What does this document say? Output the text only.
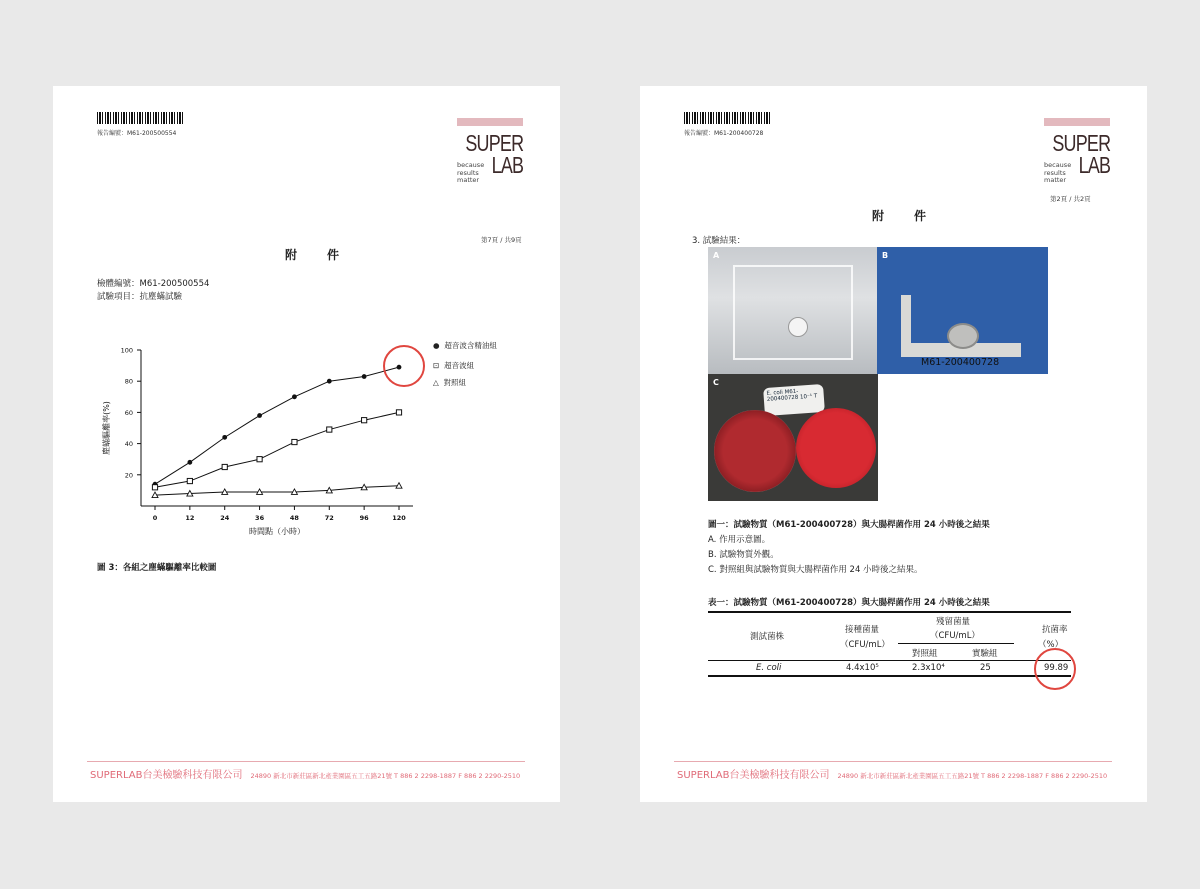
報告編號：M61-200500554	SUPER
LAB
because
results
matter
第7頁 / 共9頁
附件
檢體編號：M61-200500554
試驗項目：抗塵蟎試驗
20
40
60
80
100
0	12	24	36	48	72	96	120
時間點（小時）
塵蟎驅離率(%)
● 超音波含精油組
⊡ 超音波組
△ 對照組
圖 3：各組之塵蟎驅離率比較圖
SUPERLAB台美檢驗科技有限公司 24890 新北市新莊區新北產業園區五工五路21號 T 886 2 2298-1887 F 886 2 2290-2510
報告編號：M61-200400728	SUPER
LAB
because
results
matter
第2頁 / 共2頁
附件
3. 試驗結果：
A
M61-200400728
B
E. coli M61-200400728 10⁻¹ T
C
圖一：試驗物質（M61-200400728）與大腸桿菌作用 24 小時後之結果
A. 作用示意圖。
B. 試驗物質外觀。
C. 對照組與試驗物質與大腸桿菌作用 24 小時後之結果。
表一：試驗物質（M61-200400728）與大腸桿菌作用 24 小時後之結果
測試菌株
接種菌量
（CFU/mL）
殘留菌量
（CFU/mL）
對照組	實驗組
抗菌率
（%）
E. coli	4.4x10⁵	2.3x10⁴	25	99.89
SUPERLAB台美檢驗科技有限公司 24890 新北市新莊區新北產業園區五工五路21號 T 886 2 2298-1887 F 886 2 2290-2510
